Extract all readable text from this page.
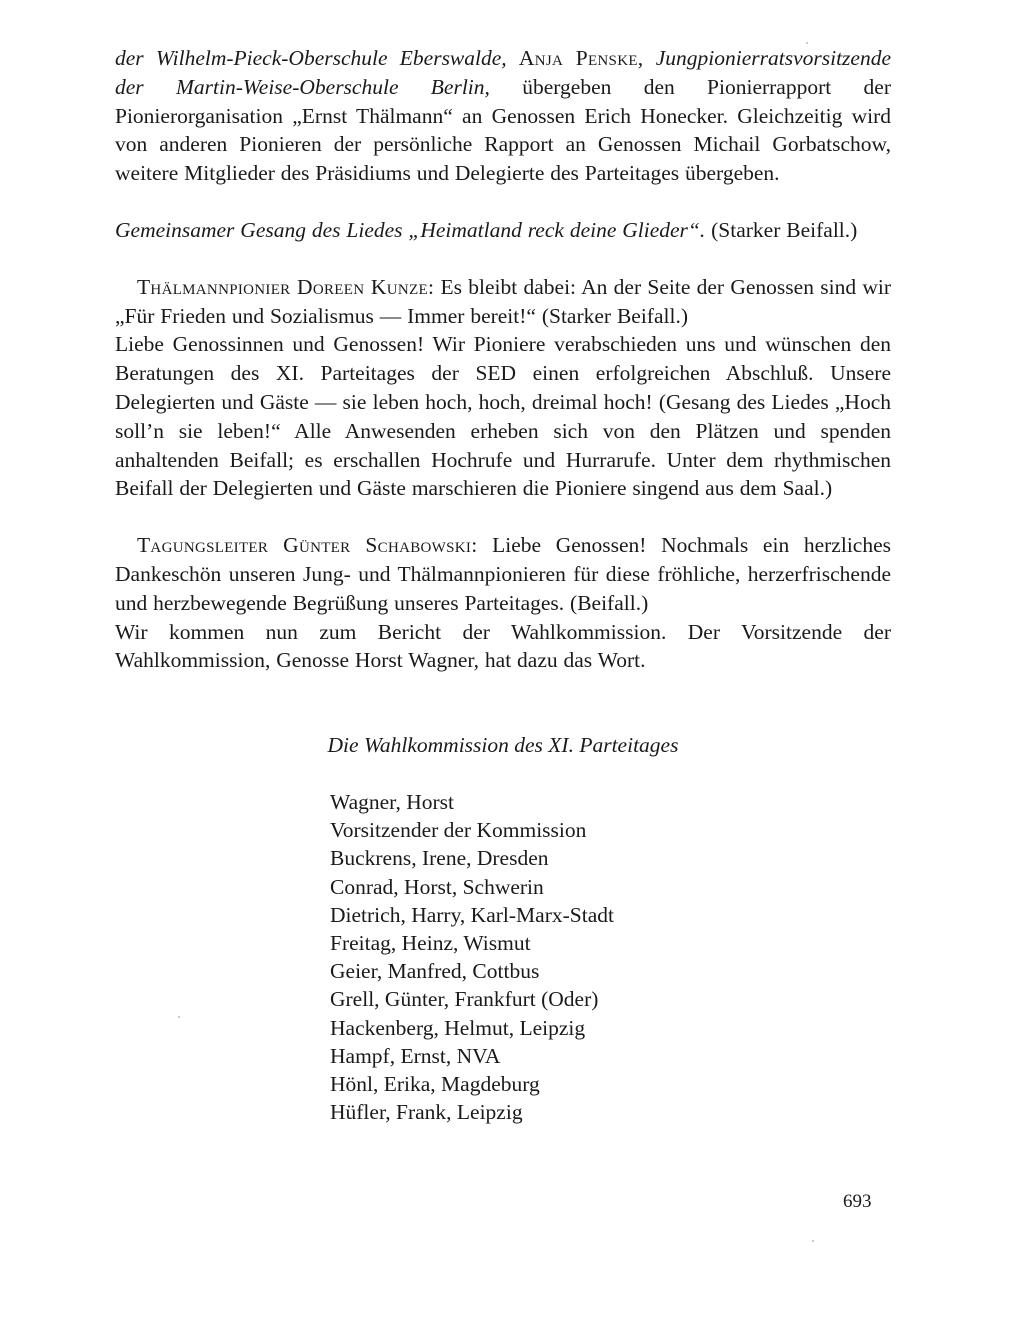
der Wilhelm-Pieck-Oberschule Eberswalde, Anja Penske, Jungpionierratsvorsitzende der Martin-Weise-Oberschule Berlin, übergeben den Pionierrapport der Pionierorganisation „Ernst Thälmann“ an Genossen Erich Honecker. Gleichzeitig wird von anderen Pionieren der persönliche Rapport an Genossen Michail Gorbatschow, weitere Mitglieder des Präsidiums und Delegierte des Parteitages übergeben.

Gemeinsamer Gesang des Liedes „Heimatland reck deine Glieder“. (Starker Beifall.)

Thälmannpionier Doreen Kunze: Es bleibt dabei: An der Seite der Genossen sind wir „Für Frieden und Sozialismus — Immer bereit!“ (Starker Beifall.)

Liebe Genossinnen und Genossen! Wir Pioniere verabschieden uns und wünschen den Beratungen des XI. Parteitages der SED einen erfolgreichen Abschluß. Unsere Delegierten und Gäste — sie leben hoch, hoch, dreimal hoch! (Gesang des Liedes „Hoch soll’n sie leben!“ Alle Anwesenden erheben sich von den Plätzen und spenden anhaltenden Beifall; es erschallen Hochrufe und Hurrarufe. Unter dem rhythmischen Beifall der Delegierten und Gäste marschieren die Pioniere singend aus dem Saal.)

Tagungsleiter Günter Schabowski: Liebe Genossen! Nochmals ein herzliches Dankeschön unseren Jung- und Thälmannpionieren für diese fröhliche, herzerfrischende und herzbewegende Begrüßung unseres Parteitages. (Beifall.)

Wir kommen nun zum Bericht der Wahlkommission. Der Vorsitzende der Wahlkommission, Genosse Horst Wagner, hat dazu das Wort.

Die Wahlkommission des XI. Parteitages

Wagner, Horst
Vorsitzender der Kommission
Buckrens, Irene, Dresden
Conrad, Horst, Schwerin
Dietrich, Harry, Karl-Marx-Stadt
Freitag, Heinz, Wismut
Geier, Manfred, Cottbus
Grell, Günter, Frankfurt (Oder)
Hackenberg, Helmut, Leipzig
Hampf, Ernst, NVA
Hönl, Erika, Magdeburg
Hüfler, Frank, Leipzig
693
